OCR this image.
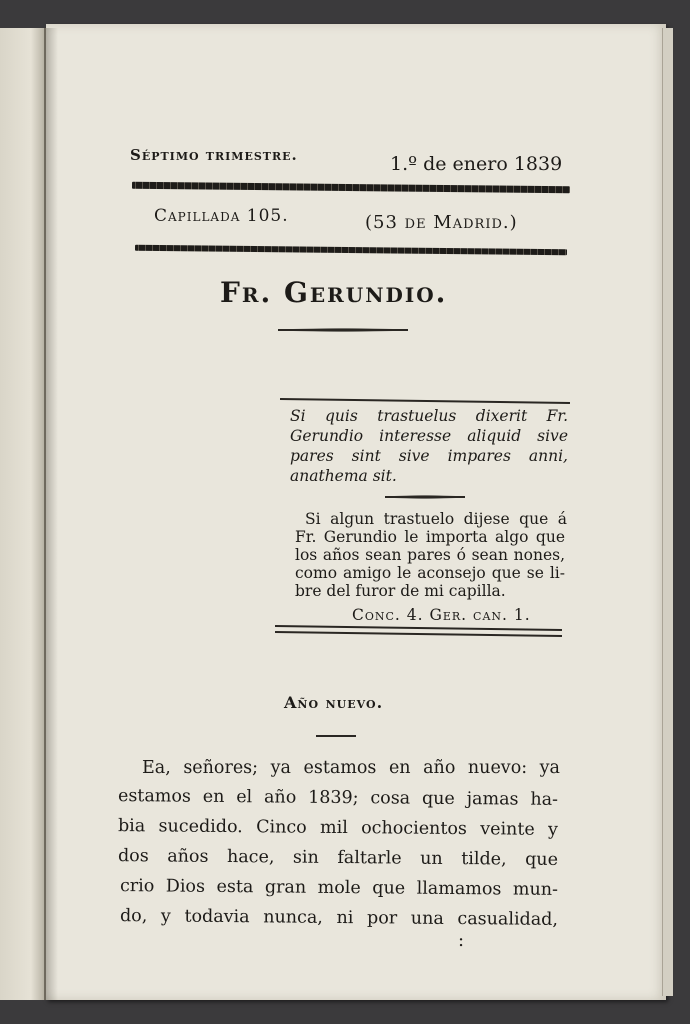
Séptimo trimestre.	1.º de enero 1839
Capillada 105.	(53 de Madrid.)
Fr. Gerundio.
Si quis trastuelus dixerit Fr.
Gerundio interesse aliquid sive
pares sint sive impares anni,
anathema sit.
Si algun trastuelo dijese que á
Fr. Gerundio le importa algo que
los años sean pares ó sean nones,
como amigo le aconsejo que se li-
bre del furor de mi capilla.
Conc. 4. Ger. can. 1.
Año nuevo.
Ea, señores; ya estamos en año nuevo: ya
estamos en el año 1839; cosa que jamas ha-
bia sucedido. Cinco mil ochocientos veinte y
dos años hace, sin faltarle un tilde, que
crio Dios esta gran mole que llamamos mun-
do, y todavia nunca, ni por una casualidad,
:
